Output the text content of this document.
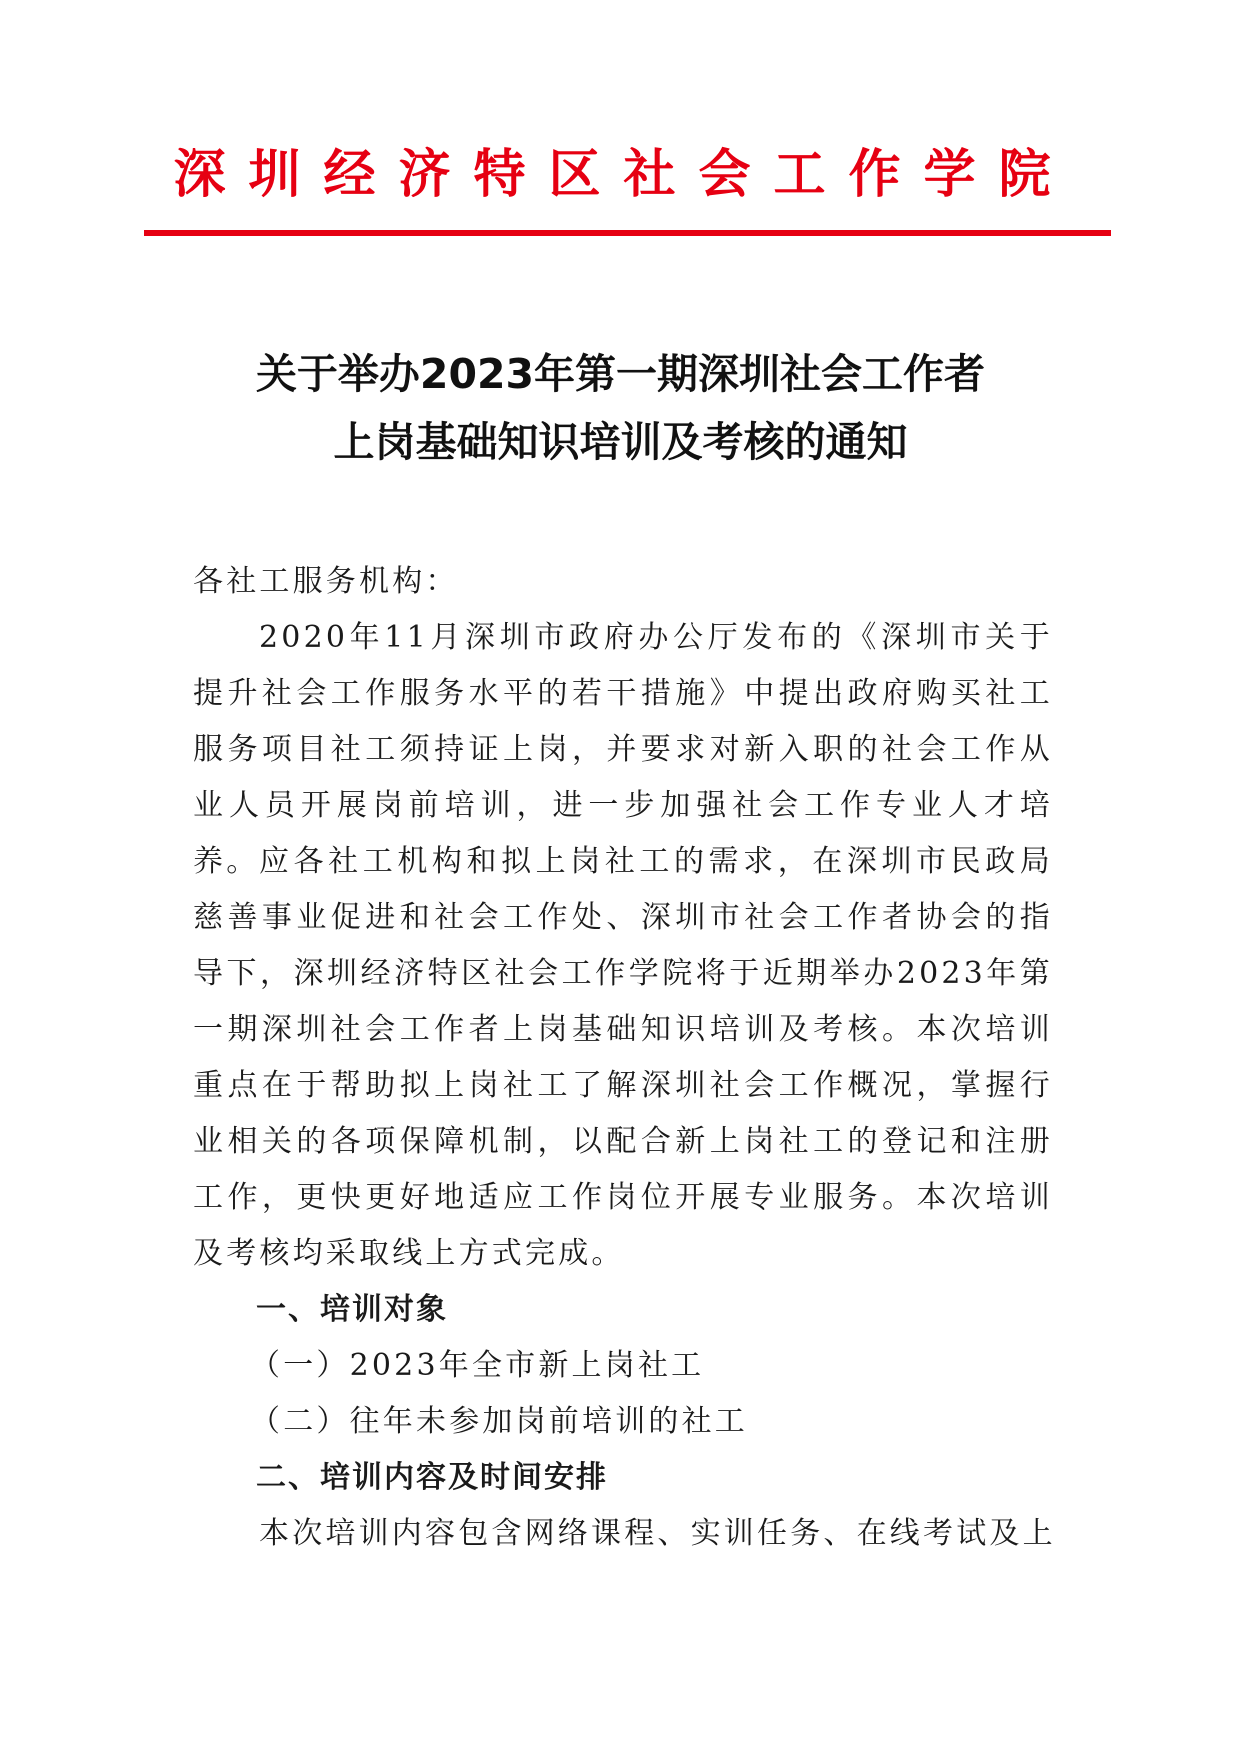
深圳经济特区社会工作学院
关于举办2023年第一期深圳社会工作者
上岗基础知识培训及考核的通知
各社工服务机构：

2020年11月深圳市政府办公厅发布的《深圳市关于提升社会工作服务水平的若干措施》中提出政府购买社工服务项目社工须持证上岗，并要求对新入职的社会工作从业人员开展岗前培训，进一步加强社会工作专业人才培养。 应各社工机构和拟上岗社工的需求，在深圳市民政局慈善事业促进和社会工作处、深圳市社会工作者协会的指导下，深圳经济特区社会工作学院将于近期举办2023年第一期深圳社会工作者上岗基础知识培训及考核。本次培训重点在于帮助拟上岗社工了解深圳社会工作概况，掌握行业相关的各项保障机制，以配合新上岗社工的登记和注册工作，更快更好地适应工作岗位开展专业服务。本次培训及考核均采取线上方式完成。

一、培训对象
（一）2023年全市新上岗社工
（二）往年未参加岗前培训的社工
二、培训内容及时间安排
本次培训内容包含网络课程、实训任务、在线考试及上
